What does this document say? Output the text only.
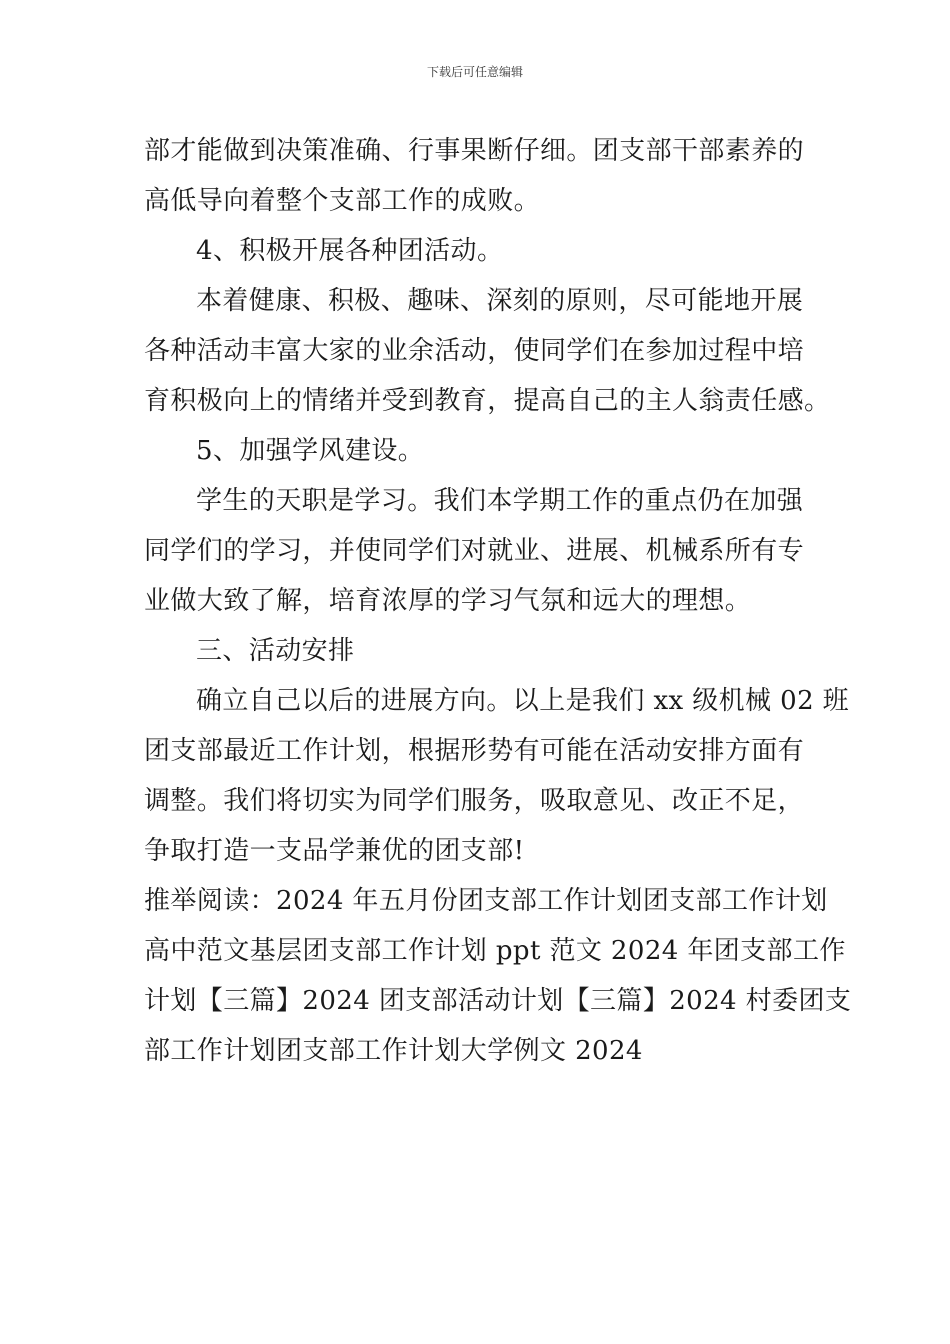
下载后可任意编辑
部才能做到决策准确、行事果断仔细。团支部干部素养的
高低导向着整个支部工作的成败。
4、积极开展各种团活动。
本着健康、积极、趣味、深刻的原则，尽可能地开展
各种活动丰富大家的业余活动，使同学们在参加过程中培
育积极向上的情绪并受到教育，提高自己的主人翁责任感。
5、加强学风建设。
学生的天职是学习。我们本学期工作的重点仍在加强
同学们的学习，并使同学们对就业、进展、机械系所有专
业做大致了解，培育浓厚的学习气氛和远大的理想。
三、活动安排
确立自己以后的进展方向。以上是我们 xx 级机械 02 班
团支部最近工作计划，根据形势有可能在活动安排方面有
调整。我们将切实为同学们服务，吸取意见、改正不足，
争取打造一支品学兼优的团支部!
推举阅读：2024 年五月份团支部工作计划团支部工作计划
高中范文基层团支部工作计划 ppt 范文 2024 年团支部工作
计划【三篇】2024 团支部活动计划【三篇】2024 村委团支
部工作计划团支部工作计划大学例文 2024
